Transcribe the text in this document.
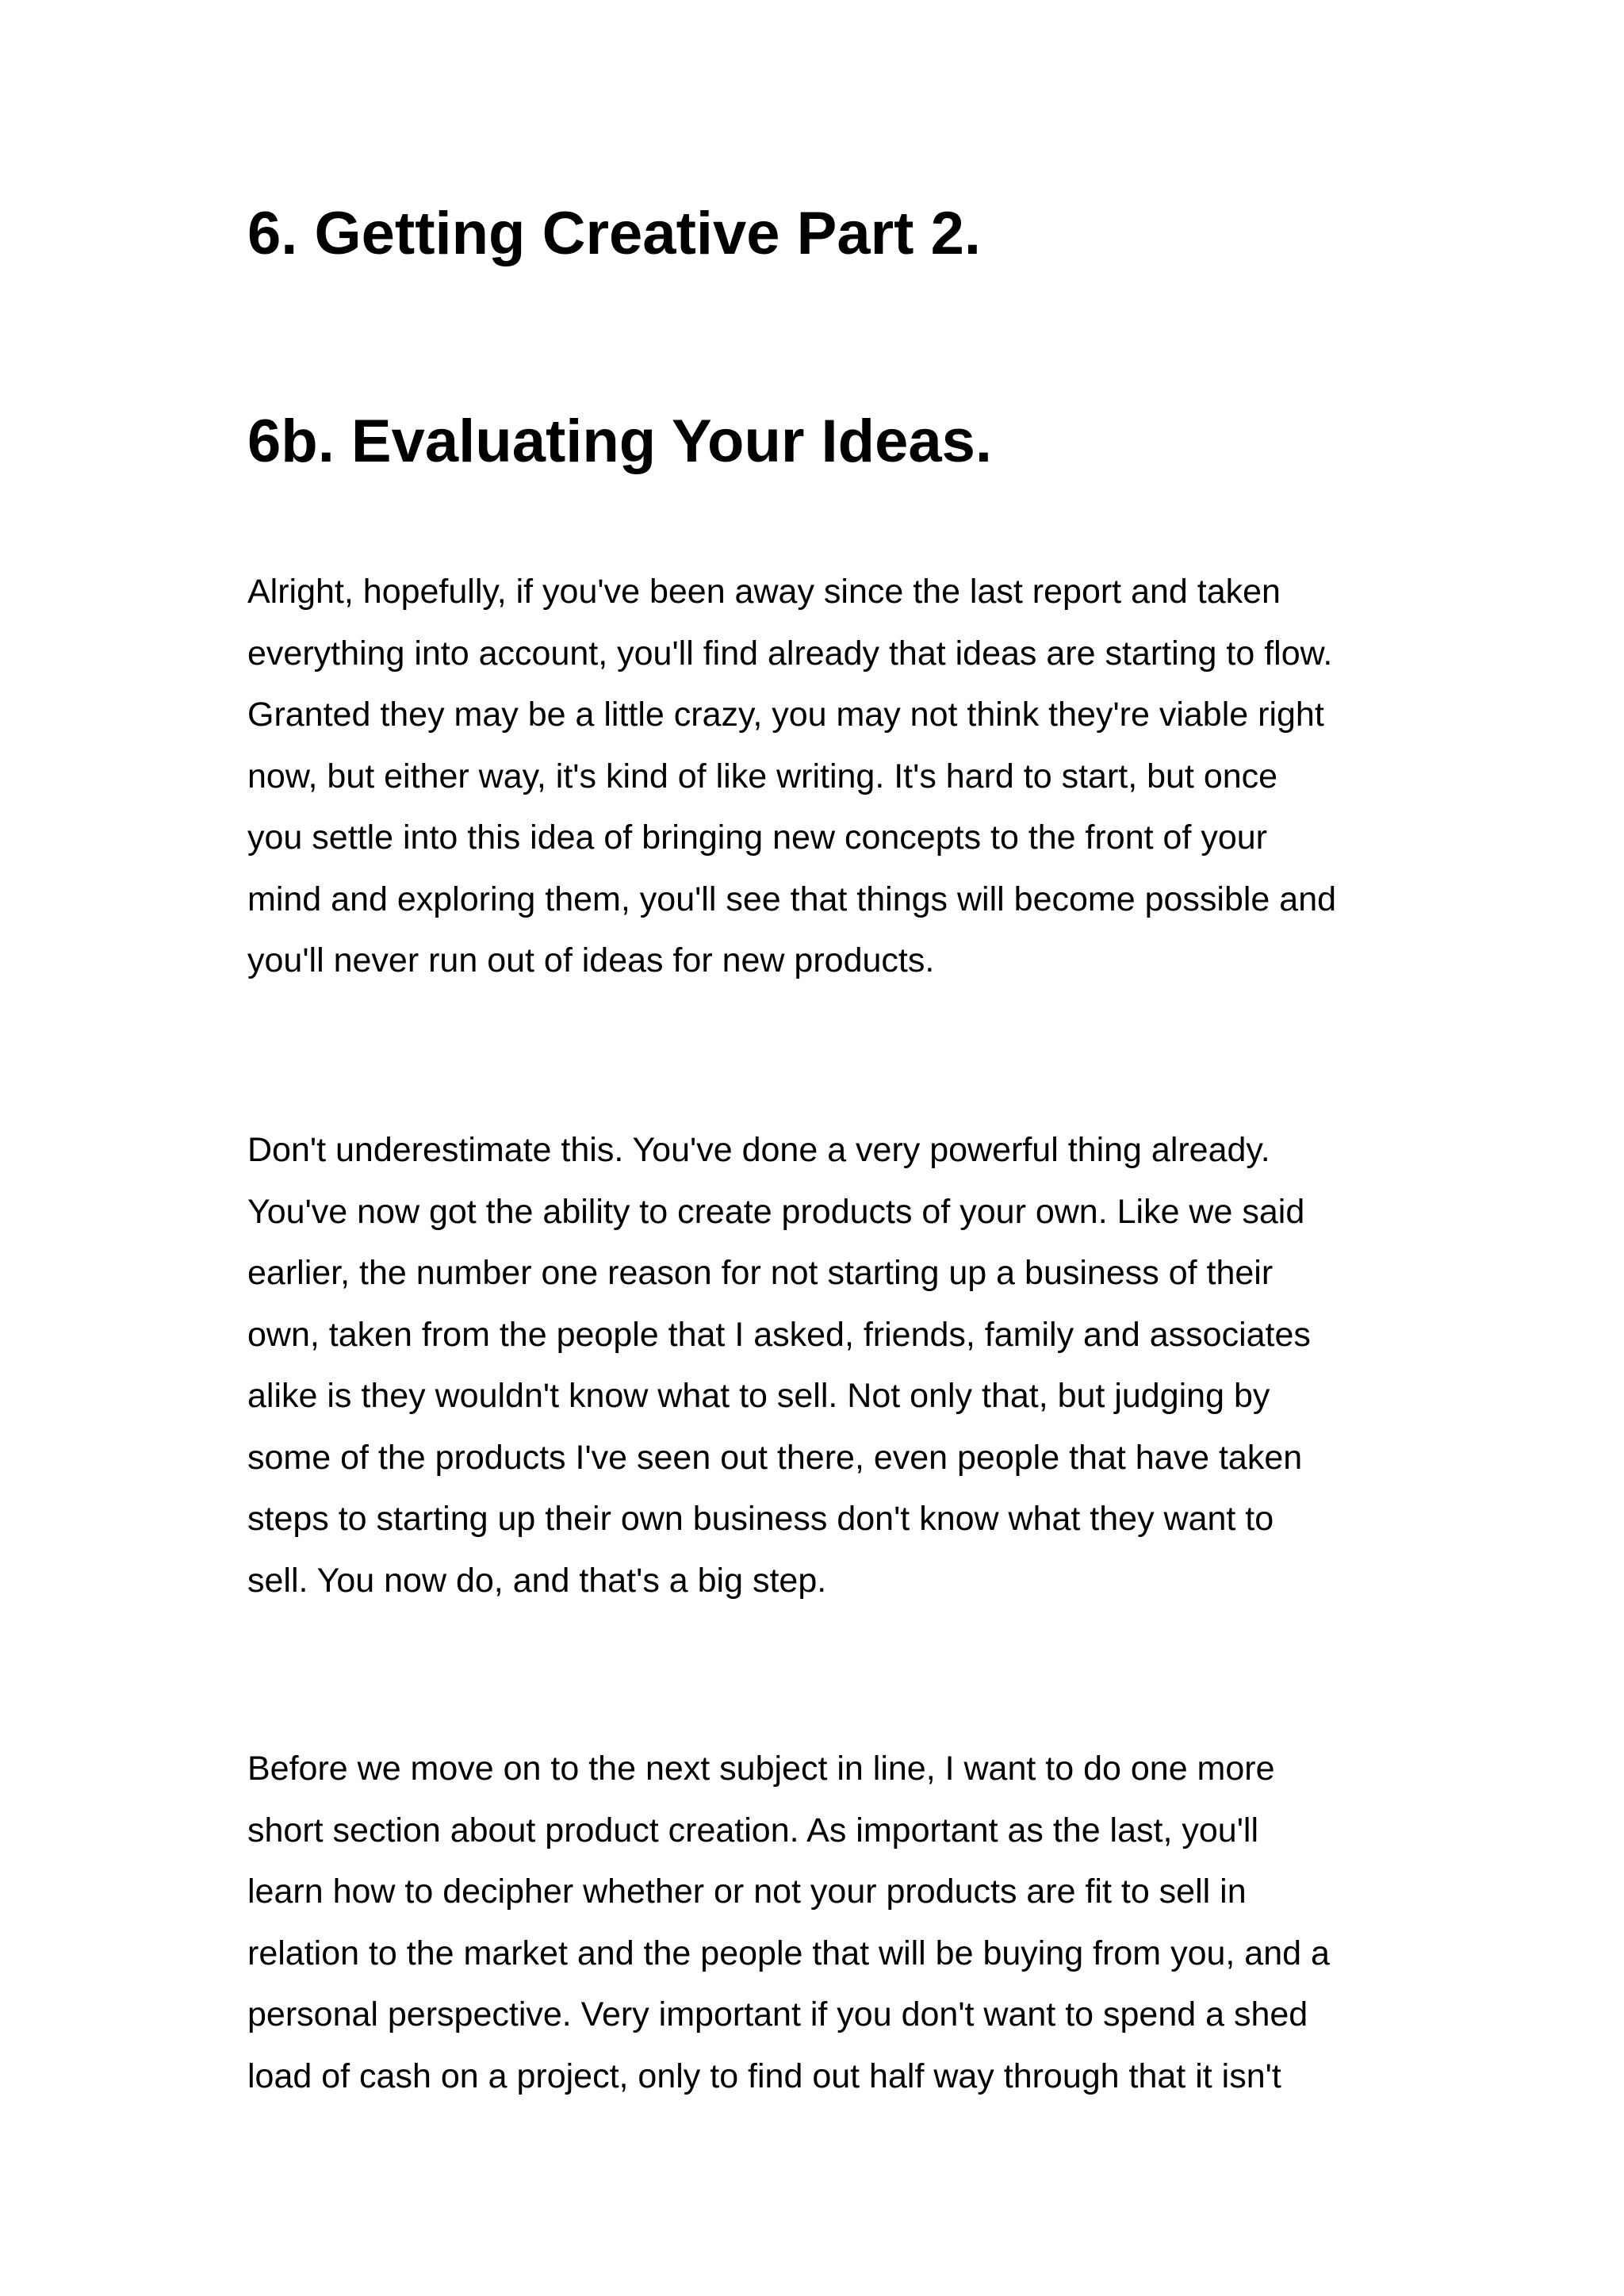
6. Getting Creative Part 2.
6b. Evaluating Your Ideas.
Alright, hopefully, if you've been away since the last report and taken
everything into account, you'll find already that ideas are starting to flow.
Granted they may be a little crazy, you may not think they're viable right
now, but either way, it's kind of like writing. It's hard to start, but once
you settle into this idea of bringing new concepts to the front of your
mind and exploring them, you'll see that things will become possible and
you'll never run out of ideas for new products.
Don't underestimate this. You've done a very powerful thing already.
You've now got the ability to create products of your own. Like we said
earlier, the number one reason for not starting up a business of their
own, taken from the people that I asked, friends, family and associates
alike is they wouldn't know what to sell. Not only that, but judging by
some of the products I've seen out there, even people that have taken
steps to starting up their own business don't know what they want to
sell. You now do, and that's a big step.
Before we move on to the next subject in line, I want to do one more
short section about product creation. As important as the last, you'll
learn how to decipher whether or not your products are fit to sell in
relation to the market and the people that will be buying from you, and a
personal perspective. Very important if you don't want to spend a shed
load of cash on a project, only to find out half way through that it isn't
